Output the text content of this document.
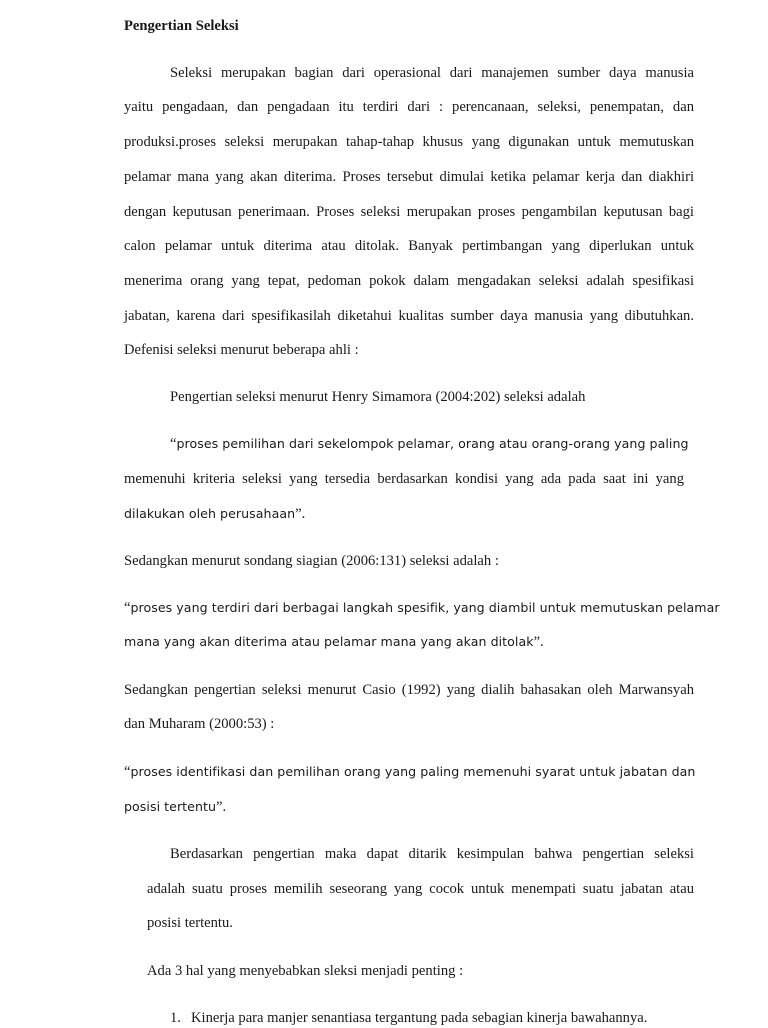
Pengertian Seleksi
Seleksi merupakan bagian dari operasional dari manajemen sumber daya manusia
yaitu pengadaan, dan pengadaan itu terdiri dari : perencanaan, seleksi, penempatan, dan
produksi.proses seleksi merupakan tahap-tahap khusus yang digunakan untuk memutuskan
pelamar mana yang akan diterima. Proses tersebut dimulai ketika pelamar kerja dan diakhiri
dengan keputusan penerimaan. Proses seleksi merupakan proses pengambilan keputusan bagi
calon pelamar untuk diterima atau ditolak. Banyak pertimbangan yang diperlukan untuk
menerima orang yang tepat, pedoman pokok dalam mengadakan seleksi adalah spesifikasi
jabatan, karena dari spesifikasilah diketahui kualitas sumber daya manusia yang dibutuhkan.
Defenisi seleksi menurut beberapa ahli :
Pengertian seleksi menurut Henry Simamora (2004:202) seleksi adalah
“proses pemilihan dari sekelompok pelamar, orang atau orang-orang yang paling
memenuhi kriteria seleksi yang tersedia berdasarkan kondisi yang ada pada saat ini yang
dilakukan oleh perusahaan”.
Sedangkan menurut sondang siagian (2006:131) seleksi adalah :
“proses yang terdiri dari berbagai langkah spesifik, yang diambil untuk memutuskan pelamar
mana yang akan diterima atau pelamar mana yang akan ditolak”.
Sedangkan pengertian seleksi menurut Casio (1992) yang dialih bahasakan oleh Marwansyah
dan Muharam (2000:53) :
“proses identifikasi dan pemilihan orang yang paling memenuhi syarat untuk jabatan dan
posisi tertentu”.
Berdasarkan pengertian maka dapat ditarik kesimpulan bahwa pengertian seleksi
adalah suatu proses memilih seseorang yang cocok untuk menempati suatu jabatan atau
posisi tertentu.
Ada 3 hal yang menyebabkan sleksi menjadi penting :
1. Kinerja para manjer senantiasa tergantung pada sebagian kinerja bawahannya.
